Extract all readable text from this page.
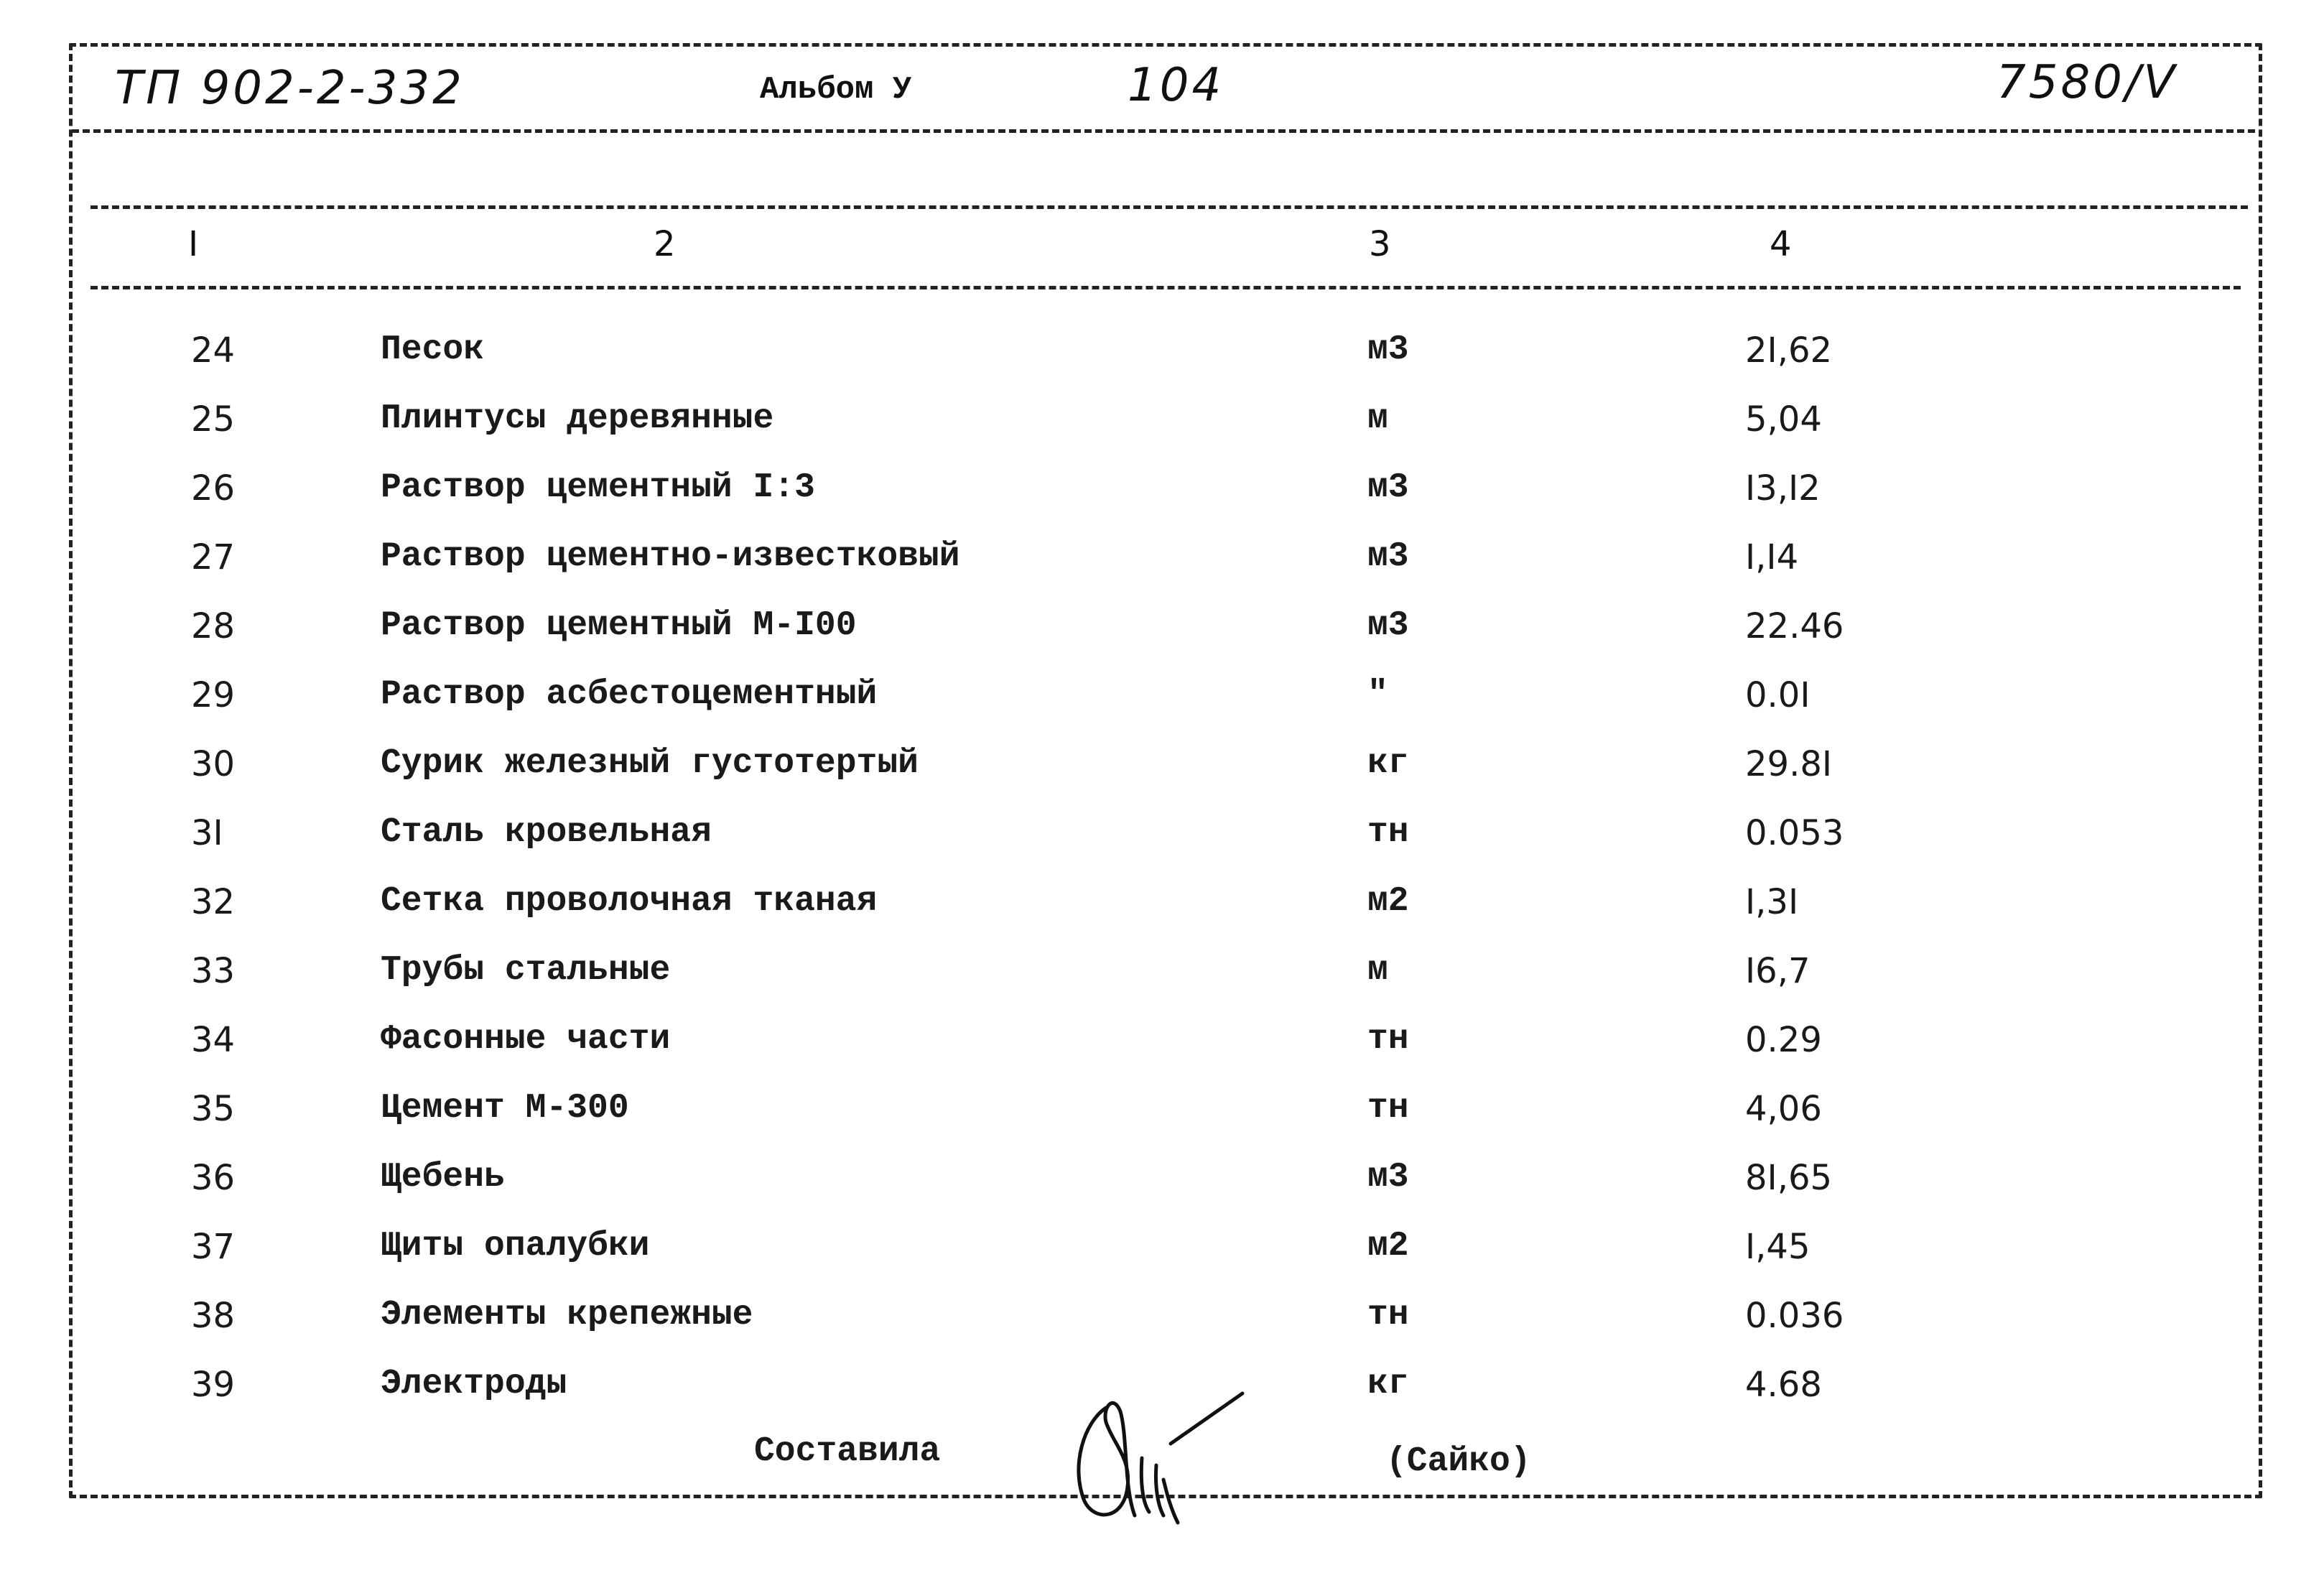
ТП 902-2-332	Альбом У	104	7580/V
I	2	3	4
24	Песок	м3	2I,62
25	Плинтусы деревянные	м	5,04
26	Раствор цементный I:3	м3	I3,I2
27	Раствор цементно-известковый	м3	I,I4
28	Раствор цементный М-I00	м3	22.46
29	Раствор асбестоцементный	"	0.0I
30	Сурик железный густотертый	кг	29.8I
3I	Сталь кровельная	тн	0.053
32	Сетка проволочная тканая	м2	I,3I
33	Трубы стальные	м	I6,7
34	Фасонные части	тн	0.29
35	Цемент М-300	тн	4,06
36	Щебень	м3	8I,65
37	Щиты опалубки	м2	I,45
38	Элементы крепежные	тн	0.036
39	Электроды	кг	4.68
Составила	(Сайко)
